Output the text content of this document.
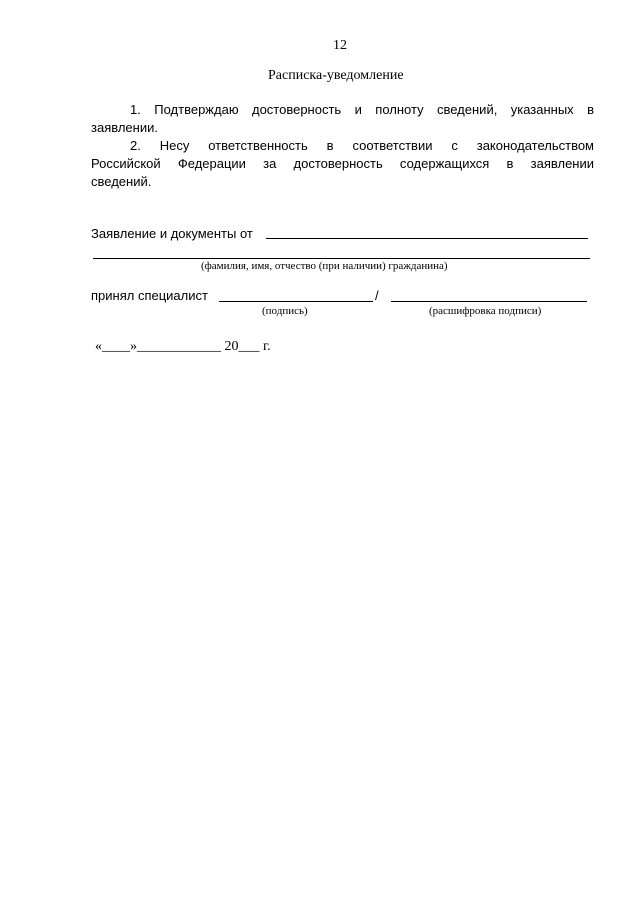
12
Расписка-уведомление
1. Подтверждаю достоверность и полноту сведений, указанных в
заявлении.
2. Несу ответственность в соответствии с законодательством
Российской Федерации за достоверность содержащихся в заявлении
сведений.
Заявление и документы от
(фамилия, имя, отчество (при наличии) гражданина)
принял специалист	/
(подпись)	(расшифровка подписи)
«____»____________ 20___ г.
